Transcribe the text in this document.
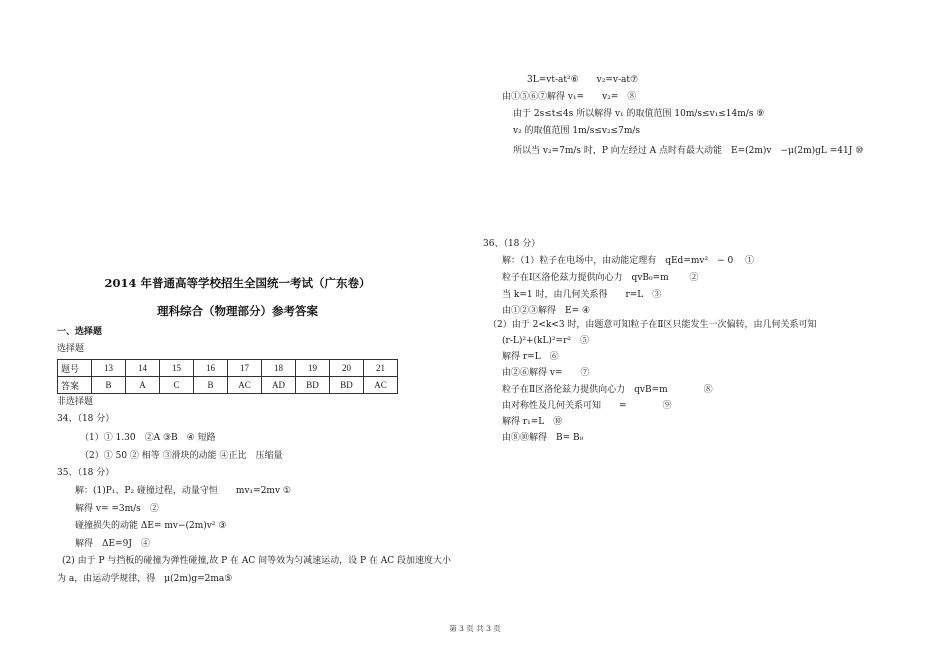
3L=vt-at²⑥　　v₂=v-at⑦
由①⑤⑥⑦解得 v₁=　　v₂=　⑧
由于 2s≤t≤4s 所以解得 v₁ 的取值范围 10m/s≤v₁≤14m/s ⑨
v₂ 的取值范围 1m/s≤v₂≤7m/s
所以当 v₂=7m/s 时，P 向左经过 A 点时有最大动能　E=(2m)v　−μ(2m)gL =41J ⑩
2014 年普通高等学校招生全国统一考试（广东卷）
理科综合（物理部分）参考答案
一、选择题
选择题
题号	13	14	15	16	17	18	19	20	21
答案	B	A	C	B	AC	AD	BD	BD	AC
非选择题
34、（18 分）
（1）① 1.30　②A ③B　④ 短路
（2）① 50 ② 相等 ③滑块的动能 ④正比　压缩量
35、（18 分）
解：(1)P₁、P₂ 碰撞过程，动量守恒　　mv₁=2mv ①
解得 v= =3m/s　②
碰撞损失的动能 ΔE= mv−(2m)v² ③
解得　ΔE=9J　④
(2) 由于 P 与挡板的碰撞为弹性碰撞,故 P 在 AC 间等效为匀减速运动，设 P 在 AC 段加速度大小
为 a，由运动学规律，得　μ(2m)g=2ma⑤
36、（18 分）
解：（1）粒子在电场中，由动能定理有　qEd=mv²　− 0　 ①
粒子在Ⅰ区洛伦兹力提供向心力　qvB₀=m　　 ②
当 k=1 时，由几何关系得　　r=L　③
由①②③解得　E= ④
（2）由于 2<k<3 时，由题意可知粒子在Ⅱ区只能发生一次偏转，由几何关系可知
(r-L)²+(kL)²=r²　⑤
解得 r=L　⑥
由②⑥解得 v=　　⑦
粒子在Ⅱ区洛伦兹力提供向心力　qvB=m　　　　⑧
由对称性及几何关系可知　　=　　　　⑨
解得 r₁=L　⑩
由⑧⑩解得　B= B₀
第 3 页 共 3 页
